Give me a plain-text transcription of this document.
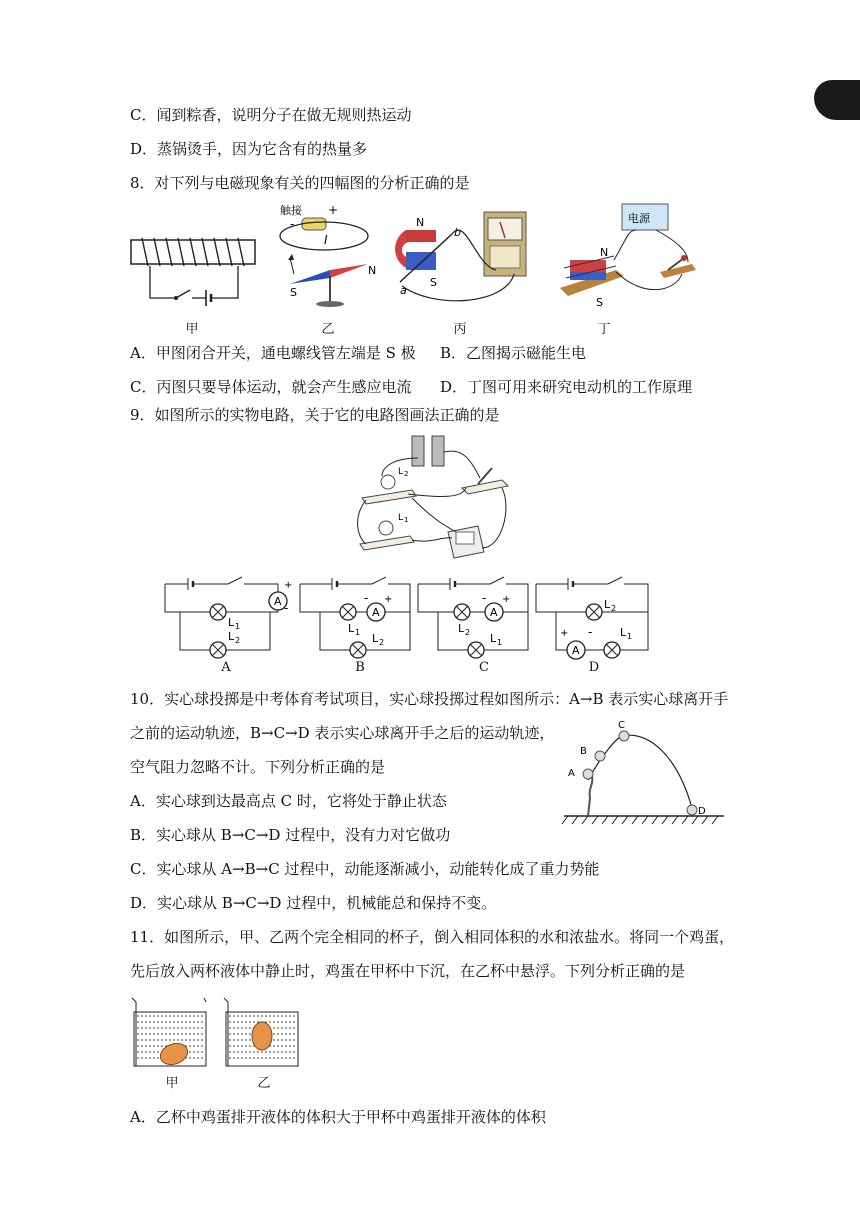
C．闻到粽香，说明分子在做无规则热运动
D．蒸锅烫手，因为它含有的热量多
8．对下列与电磁现象有关的四幅图的分析正确的是
甲
触接 +
-
I
N
S
乙
N
S
a
b
丙
电源
N
S
丁
A．甲图闭合开关，通电螺线管左端是 S 极 B．乙图揭示磁能生电
C．丙图只要导体运动，就会产生感应电流 D．丁图可用来研究电动机的工作原理
9．如图所示的实物电路，关于它的电路图画法正确的是
L 2
L 1
A
+
-
L 1
L 2
+
-
L 1 L 2
+
-
L 2 L 1
L 2
+ -	L 1
A	B	C	D
10．实心球投掷是中考体育考试项目，实心球投掷过程如图所示：A→B 表示实心球离开手
之前的运动轨迹，B→C→D 表示实心球离开手之后的运动轨迹，
空气阻力忽略不计。下列分析正确的是	A
B
C
D
A．实心球到达最高点 C 时，它将处于静止状态
B．实心球从 B→C→D 过程中，没有力对它做功
C．实心球从 A→B→C 过程中，动能逐渐减小，动能转化成了重力势能
D．实心球从 B→C→D 过程中，机械能总和保持不变。
11．如图所示，甲、乙两个完全相同的杯子，倒入相同体积的水和浓盐水。将同一个鸡蛋，
先后放入两杯液体中静止时，鸡蛋在甲杯中下沉，在乙杯中悬浮。下列分析正确的是
甲	乙
A．乙杯中鸡蛋排开液体的体积大于甲杯中鸡蛋排开液体的体积
